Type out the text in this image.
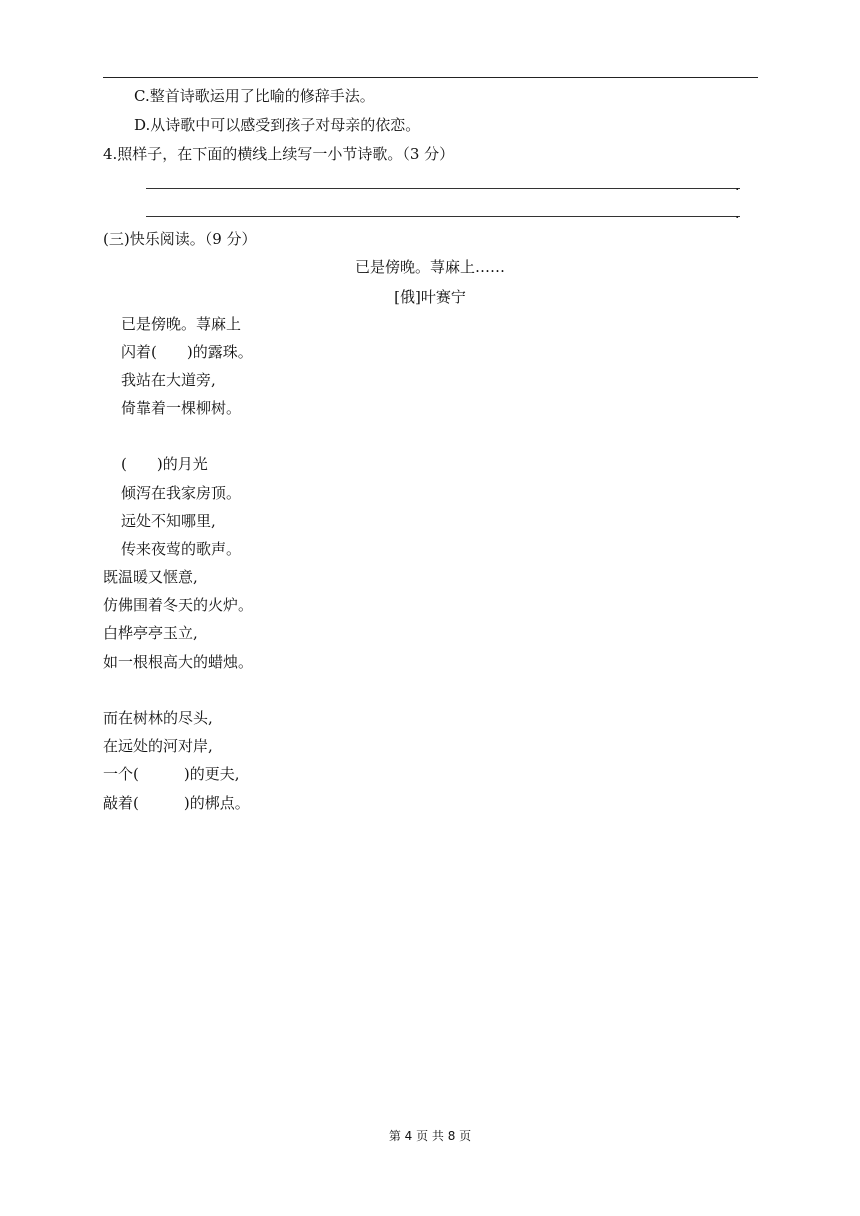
C.整首诗歌运用了比喻的修辞手法。
D.从诗歌中可以感受到孩子对母亲的依恋。
4.照样子，在下面的横线上续写一小节诗歌。（3 分）
.
.
(三)快乐阅读。（9 分）
已是傍晚。荨麻上……
[俄]叶赛宁
已是傍晚。荨麻上
闪着(　　)的露珠。
我站在大道旁,
倚靠着一棵柳树。
(　　)的月光
倾泻在我家房顶。
远处不知哪里,
传来夜莺的歌声。
既温暖又惬意,
仿佛围着冬天的火炉。
白桦亭亭玉立,
如一根根高大的蜡烛。
而在树林的尽头,
在远处的河对岸,
一个(　　　)的更夫,
敲着(　　　)的梆点。
第 4 页 共 8 页
